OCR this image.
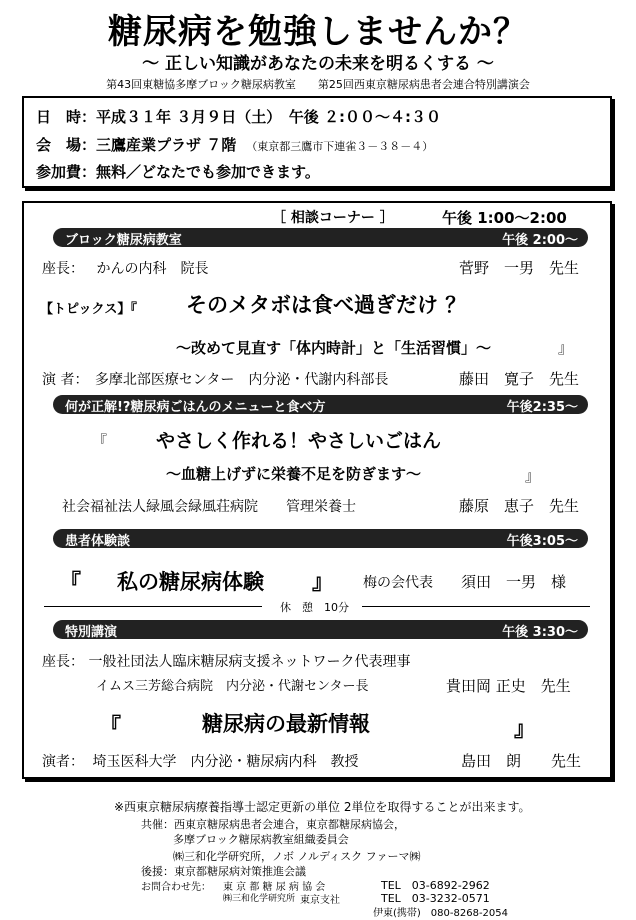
糖尿病を勉強しませんか？
～ 正しい知識があなたの未来を明るくする ～
第43回東糖協多摩ブロック糖尿病教室　　第25回西東京糖尿病患者会連合特別講演会
日　時：平成３１年 ３月９日（土）　午後 ２:００～４:３０
会　場：三鷹産業プラザ ７階 （東京都三鷹市下連雀３－３８－４）
参加費：無料／どなたでも参加できます。
［ 相談コーナー ］	午後 1:00～2:00
ブロック糖尿病教室	午後 2:00～
座長： かんの内科　院長	菅野　一男　先生
【トピックス】『 そのメタボは食べ過ぎだけ ？
～改めて見直す「体内時計」と「生活習慣」～	』
演 者： 多摩北部医療センター　内分泌・代謝内科部長	藤田　寛子　先生
何が正解!?糖尿病ごはんのメニューと食べ方	午後2:35～
『	やさしく作れる！やさしいごはん
～血糖上げずに栄養不足を防ぎます～	』
社会福祉法人緑風会緑風荘病院　　管理栄養士	藤原　恵子　先生
患者体験談	午後3:05～
『 私の糖尿病体験 』 梅の会代表 須田　一男　様
休　憩　10分
特別講演	午後 3:30～
座長： 一般社団法人臨床糖尿病支援ネットワーク代表理事
イムス三芳総合病院　内分泌・代謝センター長	貴田岡 正史　先生
『	糖尿病の最新情報	』
演者： 埼玉医科大学　内分泌・糖尿病内科　教授	島田　朗　　先生
※西東京糖尿病療養指導士認定更新の単位 2単位を取得することが出来ます。
共催：西東京糖尿病患者会連合，東京都糖尿病協会，
多摩ブロック糖尿病教室組織委員会
㈱三和化学研究所，ノボ ノルディスク ファーマ㈱
後援：東京都糖尿病対策推進会議
お問合わせ先： 東 京 都 糖 尿 病 協 会	TEL　03-6892-2962
東京支社	TEL　03-3232-0571
㈱三和化学研究所
伊東(携帯)　080-8268-2054
